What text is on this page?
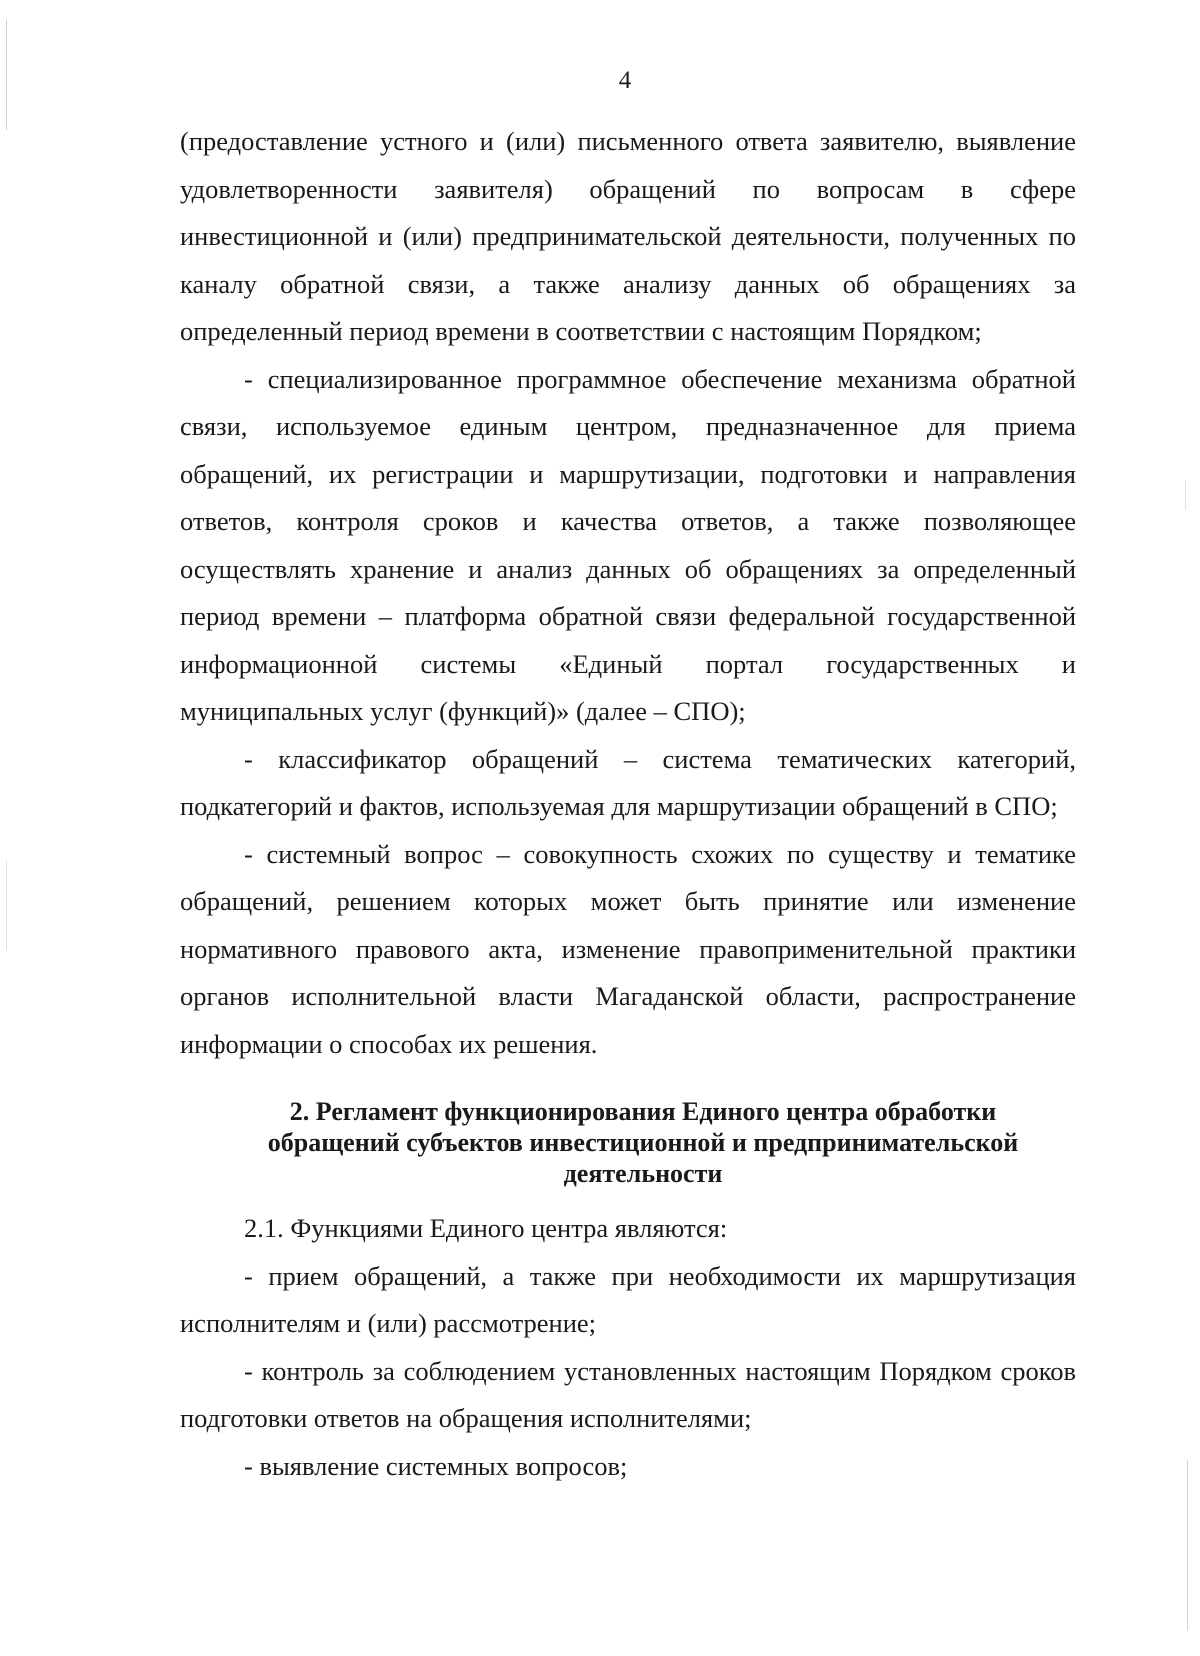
4

(предоставление устного и (или) письменного ответа заявителю, выявление удовлетворенности заявителя) обращений по вопросам в сфере инвестиционной и (или) предпринимательской деятельности, полученных по каналу обратной связи, а также анализу данных об обращениях за определенный период времени в соответствии с настоящим Порядком;

- специализированное программное обеспечение механизма обратной связи, используемое единым центром, предназначенное для приема обращений, их регистрации и маршрутизации, подготовки и направления ответов, контроля сроков и качества ответов, а также позволяющее осуществлять хранение и анализ данных об обращениях за определенный период времени – платформа обратной связи федеральной государственной информационной системы «Единый портал государственных и муниципальных услуг (функций)» (далее – СПО);

- классификатор обращений – система тематических категорий, подкатегорий и фактов, используемая для маршрутизации обращений в СПО;

- системный вопрос – совокупность схожих по существу и тематике обращений, решением которых может быть принятие или изменение нормативного правового акта, изменение правоприменительной практики органов исполнительной власти Магаданской области, распространение информации о способах их решения.

2. Регламент функционирования Единого центра обработки обращений субъектов инвестиционной и предпринимательской деятельности

2.1. Функциями Единого центра являются:

- прием обращений, а также при необходимости их маршрутизация исполнителям и (или) рассмотрение;

- контроль за соблюдением установленных настоящим Порядком сроков подготовки ответов на обращения исполнителями;

- выявление системных вопросов;
